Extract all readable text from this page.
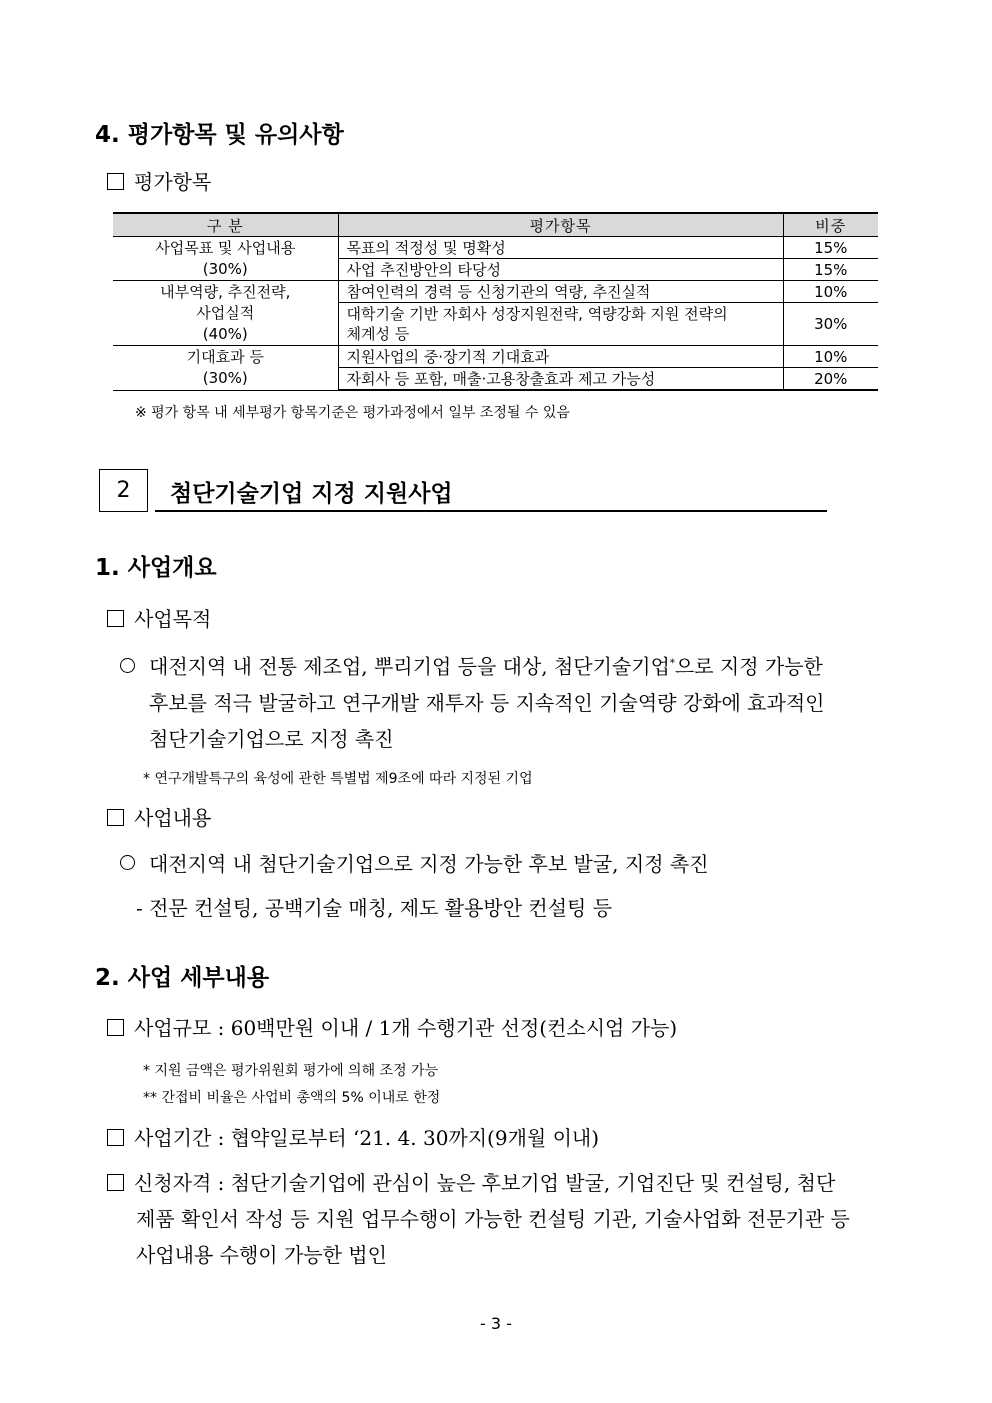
4. 평가항목 및 유의사항
평가항목
구 분	평가항목	비중

사업목표 및 사업내용
(30%)	목표의 적정성 및 명확성	15%
	사업 추진방안의 타당성	15%

내부역량, 추진전략,
사업실적
(40%)	참여인력의 경력 등 신청기관의 역량, 추진실적	10%
	대학기술 기반 자회사 성장지원전략, 역량강화 지원 전략의 체계성 등	30%

기대효과 등
(30%)	지원사업의 중·장기적 기대효과	10%
	자회사 등 포함, 매출·고용창출효과 제고 가능성	20%
※ 평가 항목 내 세부평가 항목기준은 평가과정에서 일부 조정될 수 있음
2	첨단기술기업 지정 지원사업
1. 사업개요
사업목적
대전지역 내 전통 제조업, 뿌리기업 등을 대상, 첨단기술기업*으로 지정 가능한
후보를 적극 발굴하고 연구개발 재투자 등 지속적인 기술역량 강화에 효과적인
첨단기술기업으로 지정 촉진
* 연구개발특구의 육성에 관한 특별법 제9조에 따라 지정된 기업
사업내용
대전지역 내 첨단기술기업으로 지정 가능한 후보 발굴, 지정 촉진
- 전문 컨설팅, 공백기술 매칭, 제도 활용방안 컨설팅 등
2. 사업 세부내용
사업규모 : 60백만원 이내 / 1개 수행기관 선정(컨소시엄 가능)
* 지원 금액은 평가위원회 평가에 의해 조정 가능
** 간접비 비율은 사업비 총액의 5% 이내로 한정
사업기간 : 협약일로부터 ‘21. 4. 30까지(9개월 이내)
신청자격 : 첨단기술기업에 관심이 높은 후보기업 발굴, 기업진단 및 컨설팅, 첨단
제품 확인서 작성 등 지원 업무수행이 가능한 컨설팅 기관, 기술사업화 전문기관 등
사업내용 수행이 가능한 법인
- 3 -
